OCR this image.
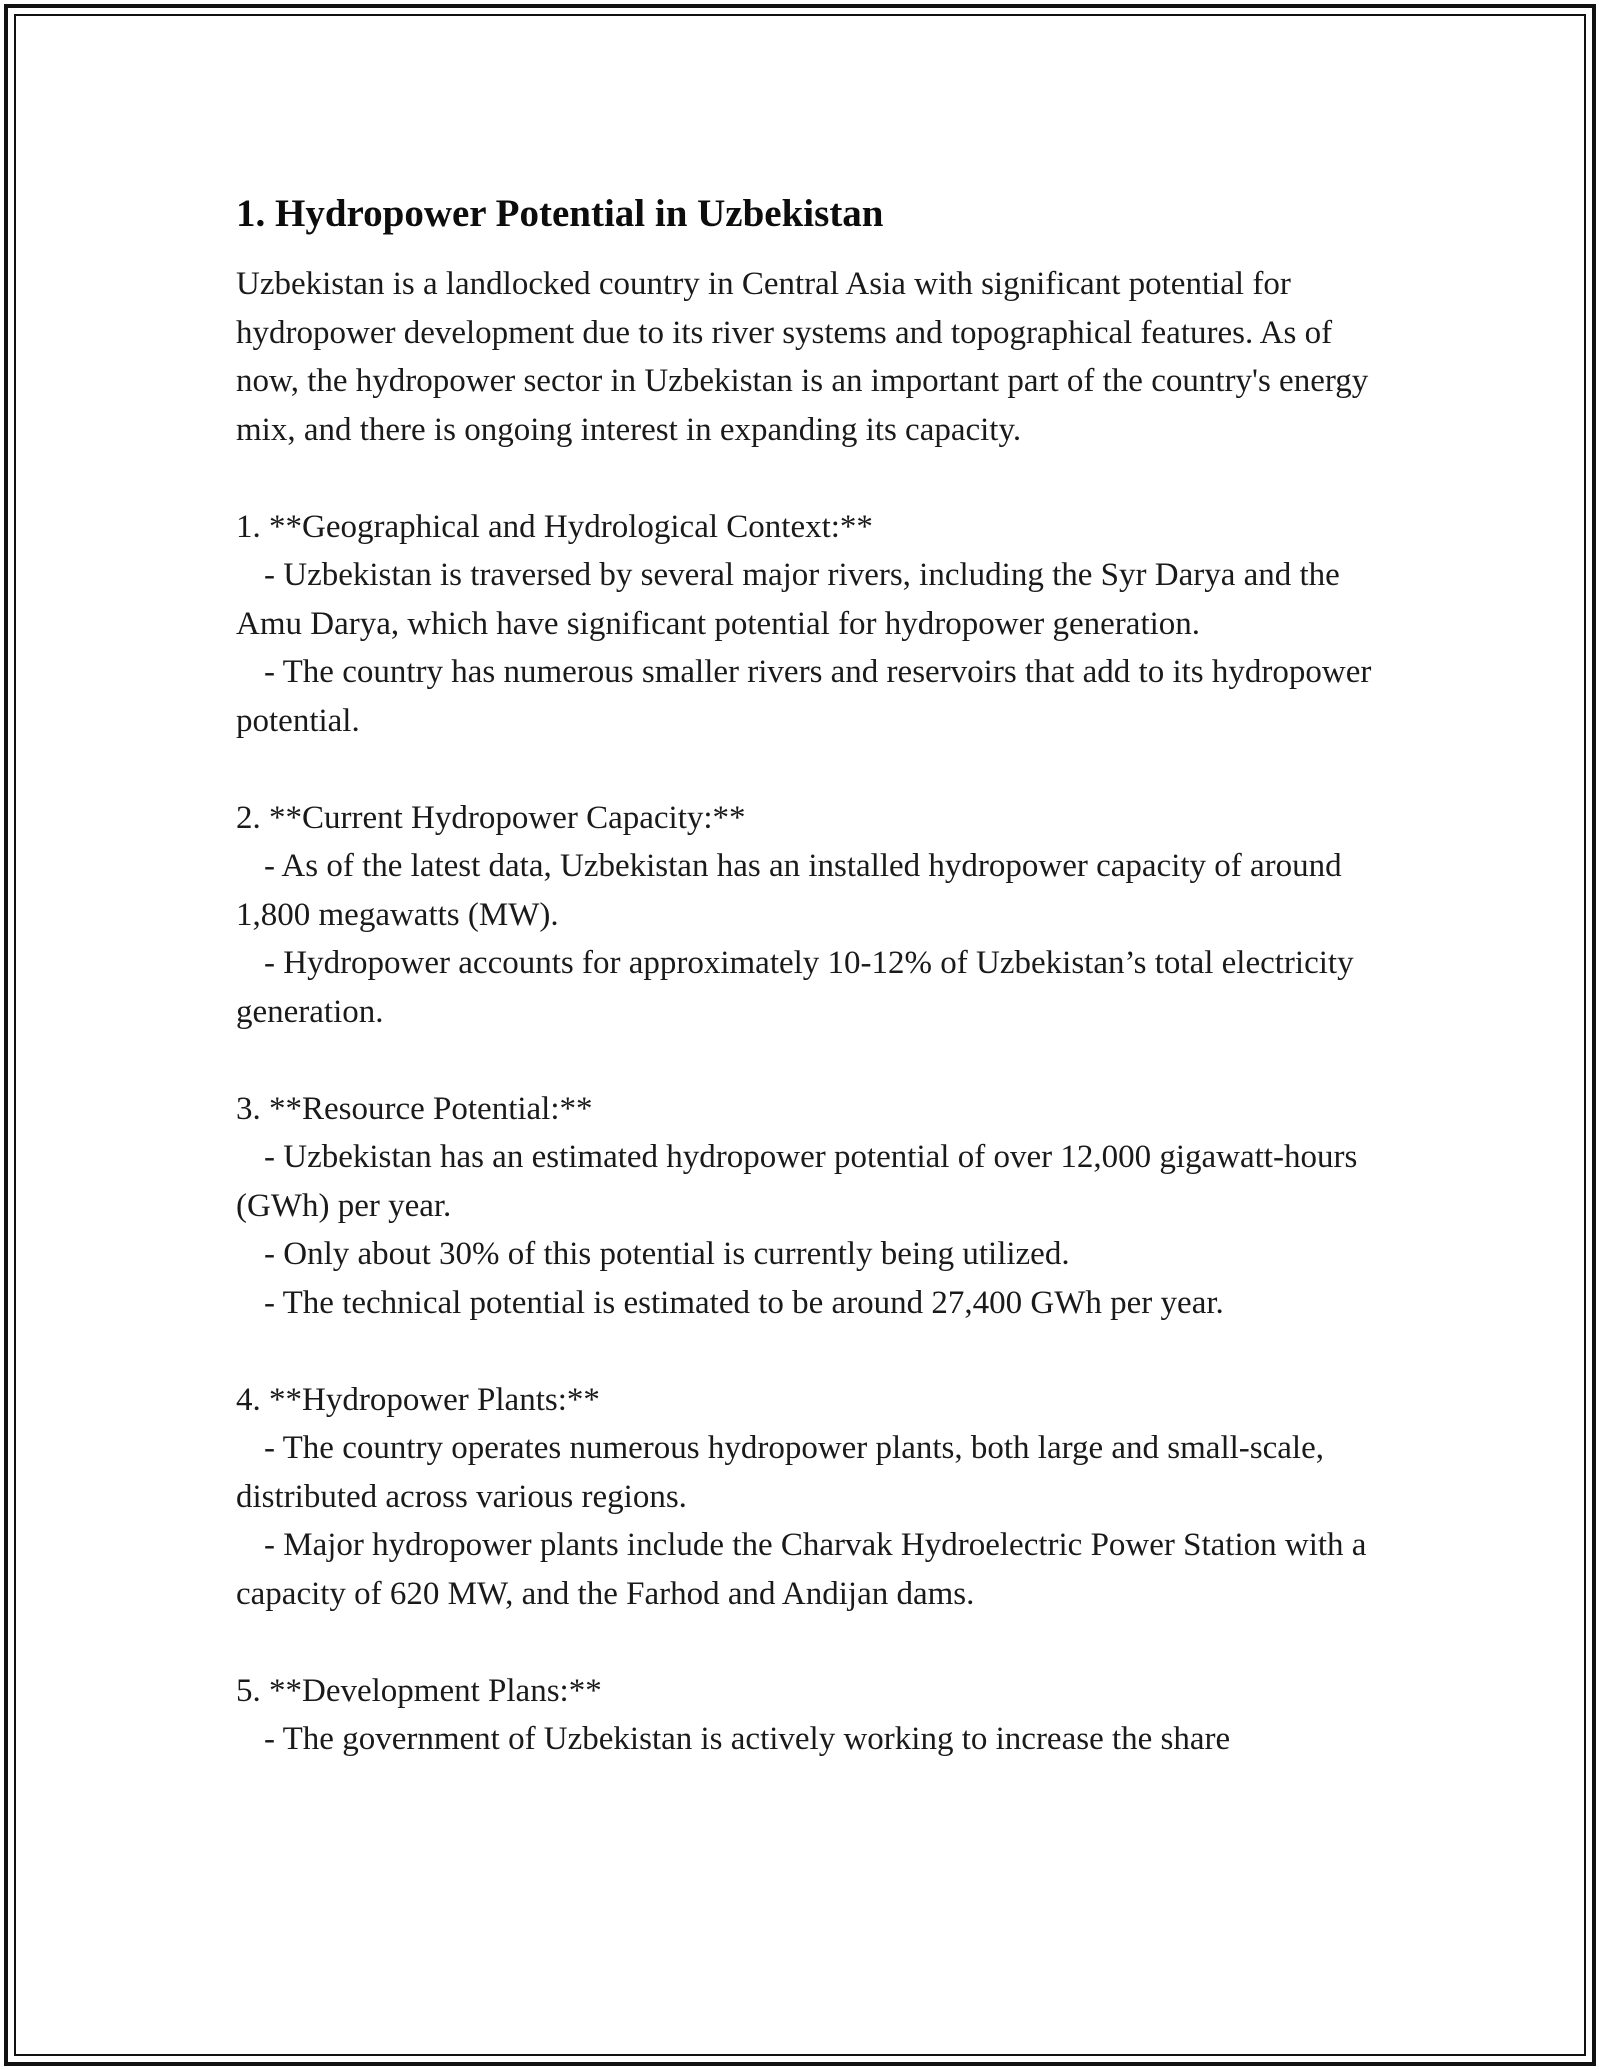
1. Hydropower Potential in Uzbekistan

Uzbekistan is a landlocked country in Central Asia with significant potential for hydropower development due to its river systems and topographical features. As of now, the hydropower sector in Uzbekistan is an important part of the country's energy mix, and there is ongoing interest in expanding its capacity.

1. **Geographical and Hydrological Context:**

- Uzbekistan is traversed by several major rivers, including the Syr Darya and the Amu Darya, which have significant potential for hydropower generation.

- The country has numerous smaller rivers and reservoirs that add to its hydropower potential.

2. **Current Hydropower Capacity:**

- As of the latest data, Uzbekistan has an installed hydropower capacity of around 1,800 megawatts (MW).

- Hydropower accounts for approximately 10-12% of Uzbekistan’s total electricity generation.

3. **Resource Potential:**

- Uzbekistan has an estimated hydropower potential of over 12,000 gigawatt-hours (GWh) per year.

- Only about 30% of this potential is currently being utilized.

- The technical potential is estimated to be around 27,400 GWh per year.

4. **Hydropower Plants:**

- The country operates numerous hydropower plants, both large and small-scale, distributed across various regions.

- Major hydropower plants include the Charvak Hydroelectric Power Station with a capacity of 620 MW, and the Farhod and Andijan dams.

5. **Development Plans:**

- The government of Uzbekistan is actively working to increase the share
